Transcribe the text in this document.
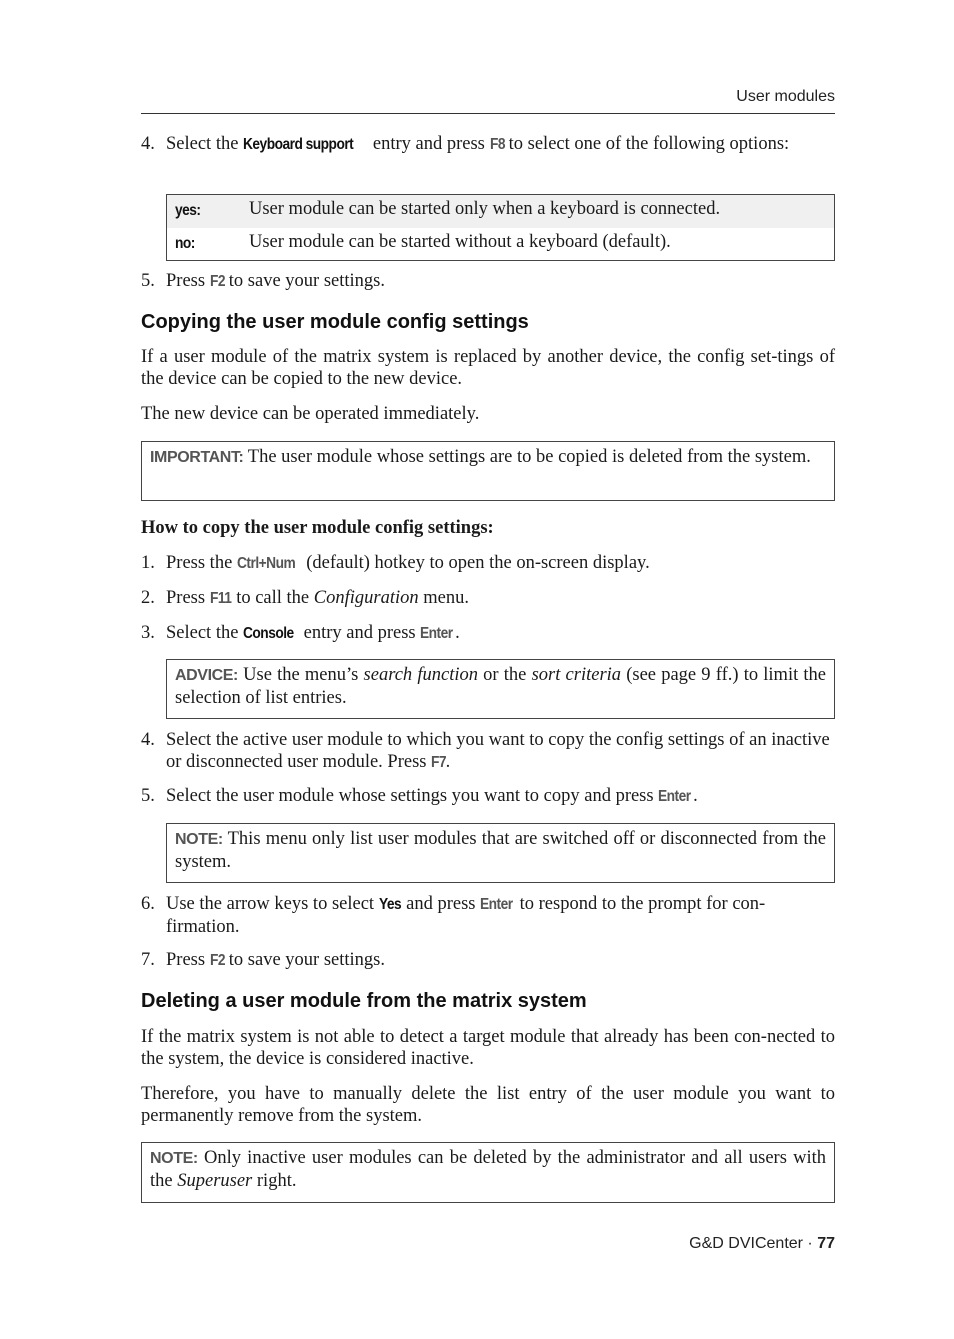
User modules
4. Select the Keyboard support entry and press F8 to select one of the following options:
yes:	User module can be started only when a keyboard is connected.
no:	User module can be started without a keyboard (default).
5. Press F2 to save your settings.
Copying the user module config settings
If a user module of the matrix system is replaced by another device, the config set-tings of the device can be copied to the new device.
The new device can be operated immediately.
IMPORTANT: The user module whose settings are to be copied is deleted from the system.
How to copy the user module config settings:
1. Press the Ctrl+Num (default) hotkey to open the on-screen display.
2. Press F11 to call the Configuration menu.
3. Select the Console entry and press Enter .
ADVICE: Use the menu’s search function or the sort criteria (see page 9 ff.) to limit the selection of list entries.
4. Select the active user module to which you want to copy the config settings of an inactive or disconnected user module. Press F7.
5. Select the user module whose settings you want to copy and press Enter .
NOTE: This menu only list user modules that are switched off or disconnected from the system.
6. Use the arrow keys to select Yes and press Enter to respond to the prompt for con-firmation.
7. Press F2 to save your settings.
Deleting a user module from the matrix system
If the matrix system is not able to detect a target module that already has been con-nected to the system, the device is considered inactive.
Therefore, you have to manually delete the list entry of the user module you want to permanently remove from the system.
NOTE: Only inactive user modules can be deleted by the administrator and all users with the Superuser right.
G&D DVICenter · 77
